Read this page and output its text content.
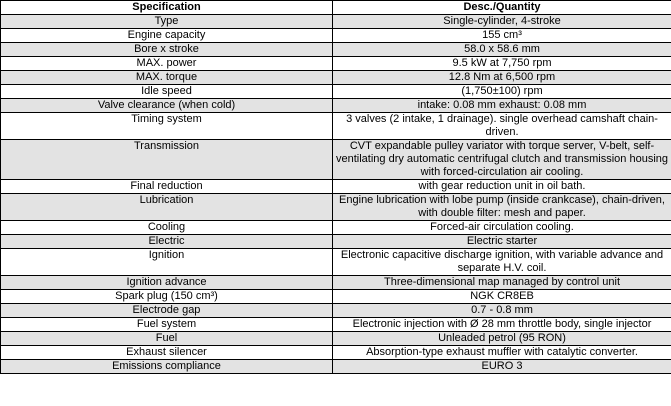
Specification	Desc./Quantity
Type	Single-cylinder, 4-stroke
Engine capacity	155 cm³
Bore x stroke	58.0 x 58.6 mm
MAX. power	9.5 kW at 7,750 rpm
MAX. torque	12.8 Nm at 6,500 rpm
Idle speed	(1,750±100) rpm
Valve clearance (when cold)	intake: 0.08 mm exhaust: 0.08 mm
Timing system	3 valves (2 intake, 1 drainage). single overhead camshaft chain-driven.
Transmission	CVT expandable pulley variator with torque server, V-belt, self-ventilating dry automatic centrifugal clutch and transmission housing with forced-circulation air cooling.
Final reduction	with gear reduction unit in oil bath.
Lubrication	Engine lubrication with lobe pump (inside crankcase), chain-driven, with double filter: mesh and paper.
Cooling	Forced-air circulation cooling.
Electric	Electric starter
Ignition	Electronic capacitive discharge ignition, with variable advance and separate H.V. coil.
Ignition advance	Three-dimensional map managed by control unit
Spark plug (150 cm³)	NGK CR8EB
Electrode gap	0.7 - 0.8 mm
Fuel system	Electronic injection with Ø 28 mm throttle body, single injector
Fuel	Unleaded petrol (95 RON)
Exhaust silencer	Absorption-type exhaust muffler with catalytic converter.
Emissions compliance	EURO 3
